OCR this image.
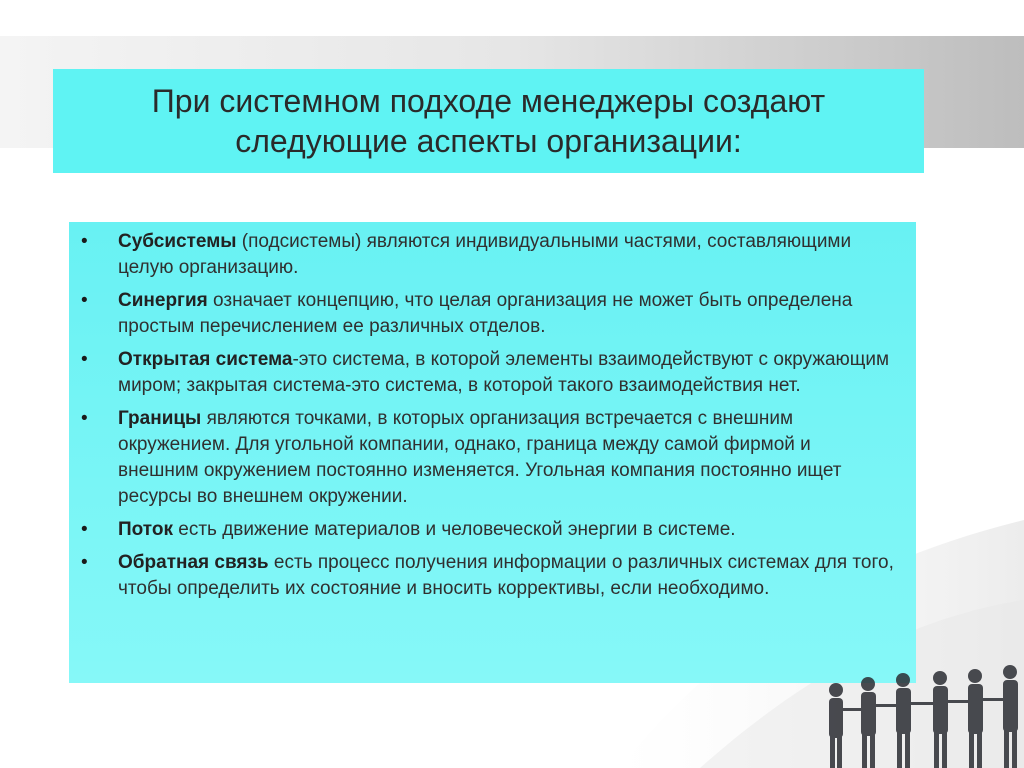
При системном подходе менеджеры создают
следующие аспекты организации:
• Субсистемы (подсистемы) являются индивидуальными частями, составляющими целую организацию.
• Синергия означает концепцию, что целая организация не может быть определена простым перечислением ее различных отделов.
• Открытая система-это система, в которой элементы взаимодействуют с окружающим миром; закрытая система-это система, в которой такого взаимодействия нет.
• Границы являются точками, в которых организация встречается с внешним окружением. Для угольной компании, однако, граница между самой фирмой и внешним окружением постоянно изменяется. Угольная компания постоянно ищет ресурсы во внешнем окружении.
• Поток есть движение материалов и человеческой энергии в системе.
• Обратная связь есть процесс получения информации о различных системах для того, чтобы определить их состояние и вносить коррективы, если необходимо.
